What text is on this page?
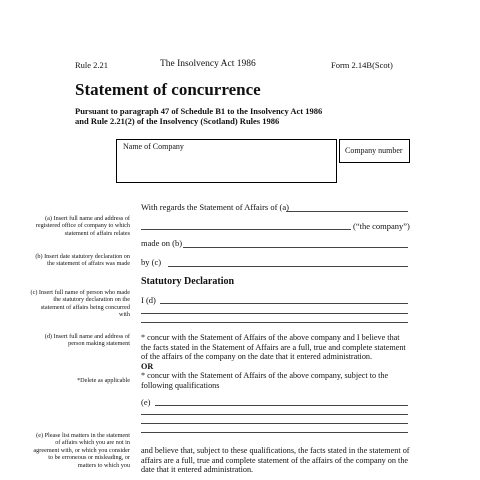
Rule 2.21	The Insolvency Act 1986	Form 2.14B(Scot)
Statement of concurrence
Pursuant to paragraph 47 of Schedule B1 to the Insolvency Act 1986
and Rule 2.21(2) of the Insolvency (Scotland) Rules 1986
Name of Company	Company number
(a) Insert full name and address of registered office of company to which statement of affairs relates
(b) Insert date statutory declaration on the statement of affairs was made
(c) Insert full name of person who made the statutory declaration on the statement of affairs being concurred with
(d) Insert full name and address of person making statement
*Delete as applicable
(e) Please list matters in the statement of affairs which you are not in agreement with, or which you consider to be erroneous or misleading, or matters to which you
With regards the Statement of Affairs of (a)
(“the company”)
made on (b)
by (c)
Statutory Declaration
I (d)
* concur with the Statement of Affairs of the above company and I believe that the facts stated in the Statement of Affairs are a full, true and complete statement of the affairs of the company on the date that it entered administration.
OR
* concur with the Statement of Affairs of the above company, subject to the following qualifications
(e)
and believe that, subject to these qualifications, the facts stated in the statement of affairs are a full, true and complete statement of the affairs of the company on the date that it entered administration.
